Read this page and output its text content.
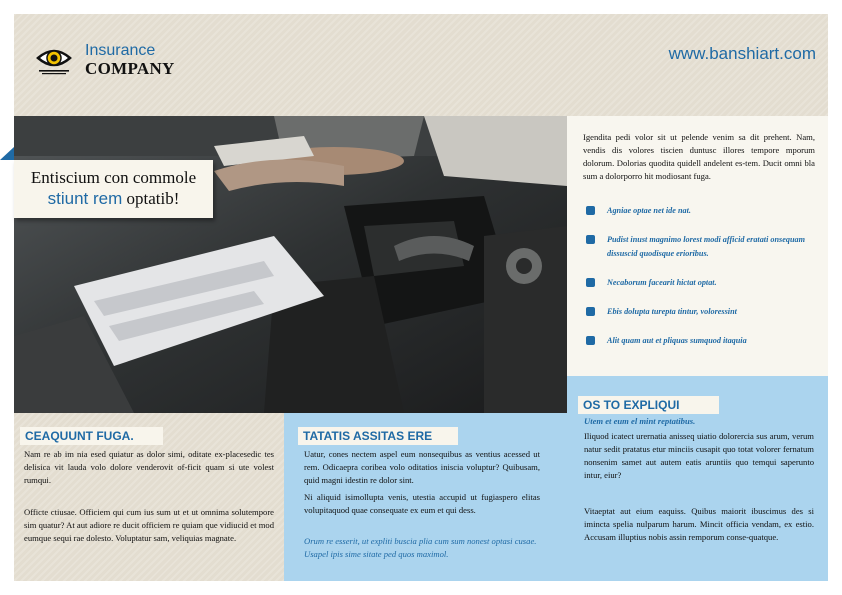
Insurance
COMPANY
www.banshiart.com
Entiscium con commole
stiunt rem optatib!
Igendita pedi volor sit ut pelende venim sa dit prehent. Nam, vendis dis volores tiscien duntusc illores tempore mporum dolorum. Dolorias quodita quidell andelent es-tem. Ducit omni bla sum a dolorporro hit modiosant fuga.
Agniae optae net ide nat.
Pudist inust magnimo lorest modi afficid eratati onsequam dissuscid quodisque erioribus.
Necaborum facearit hictat optat.
Ebis dolupta turepta tintur, voloressint
Alit quam aut et pliquas sumquod itaquia
OS TO EXPLIQUI
Utem et eum el mint reptatibus.
Iliquod icatect urernatia anisseq uiatio dolorercia sus arum, verum natur sedit pratatus etur minciis cusapit quo totat volorer fernatum nonsenim samet aut autem eatis aruntiis quo temqui saperunto intur, eiur?
Vitaeptat aut eium eaquiss. Quibus maiorit ibuscimus des si imincta spelia nulparum harum. Mincit officia vendam, ex estio. Accusam illuptius nobis assin remporum conse-quatque.
CEAQUUNT FUGA.
Nam re ab im nia esed quiatur as dolor simi, oditate ex-placesedic tes delisica vit lauda volo dolore venderovit of-ficit quam si ute volest rumqui.
Officte ctiusae. Officiem qui cum ius sum ut et ut omnima solutempore sim quatur? At aut adiore re ducit officiem re quiam que vidiucid et mod eumque sequi rae dolesto. Voluptatur sam, veliquias magnate.
TATATIS ASSITAS ERE
Uatur, cones nectem aspel eum nonsequibus as ventius acessed ut rem. Odicaepra coribea volo oditatios iniscia voluptur? Quibusam, quid magni idestin re dolor sint.
Ni aliquid isimollupta venis, utestia accupid ut fugiaspero elitas volupitaquod quae consequate ex eum et qui dess.
Orum re esserit, ut expliti buscia plia cum sum nonest optasi cusae. Usapel ipis sime sitate ped quos maximol.
